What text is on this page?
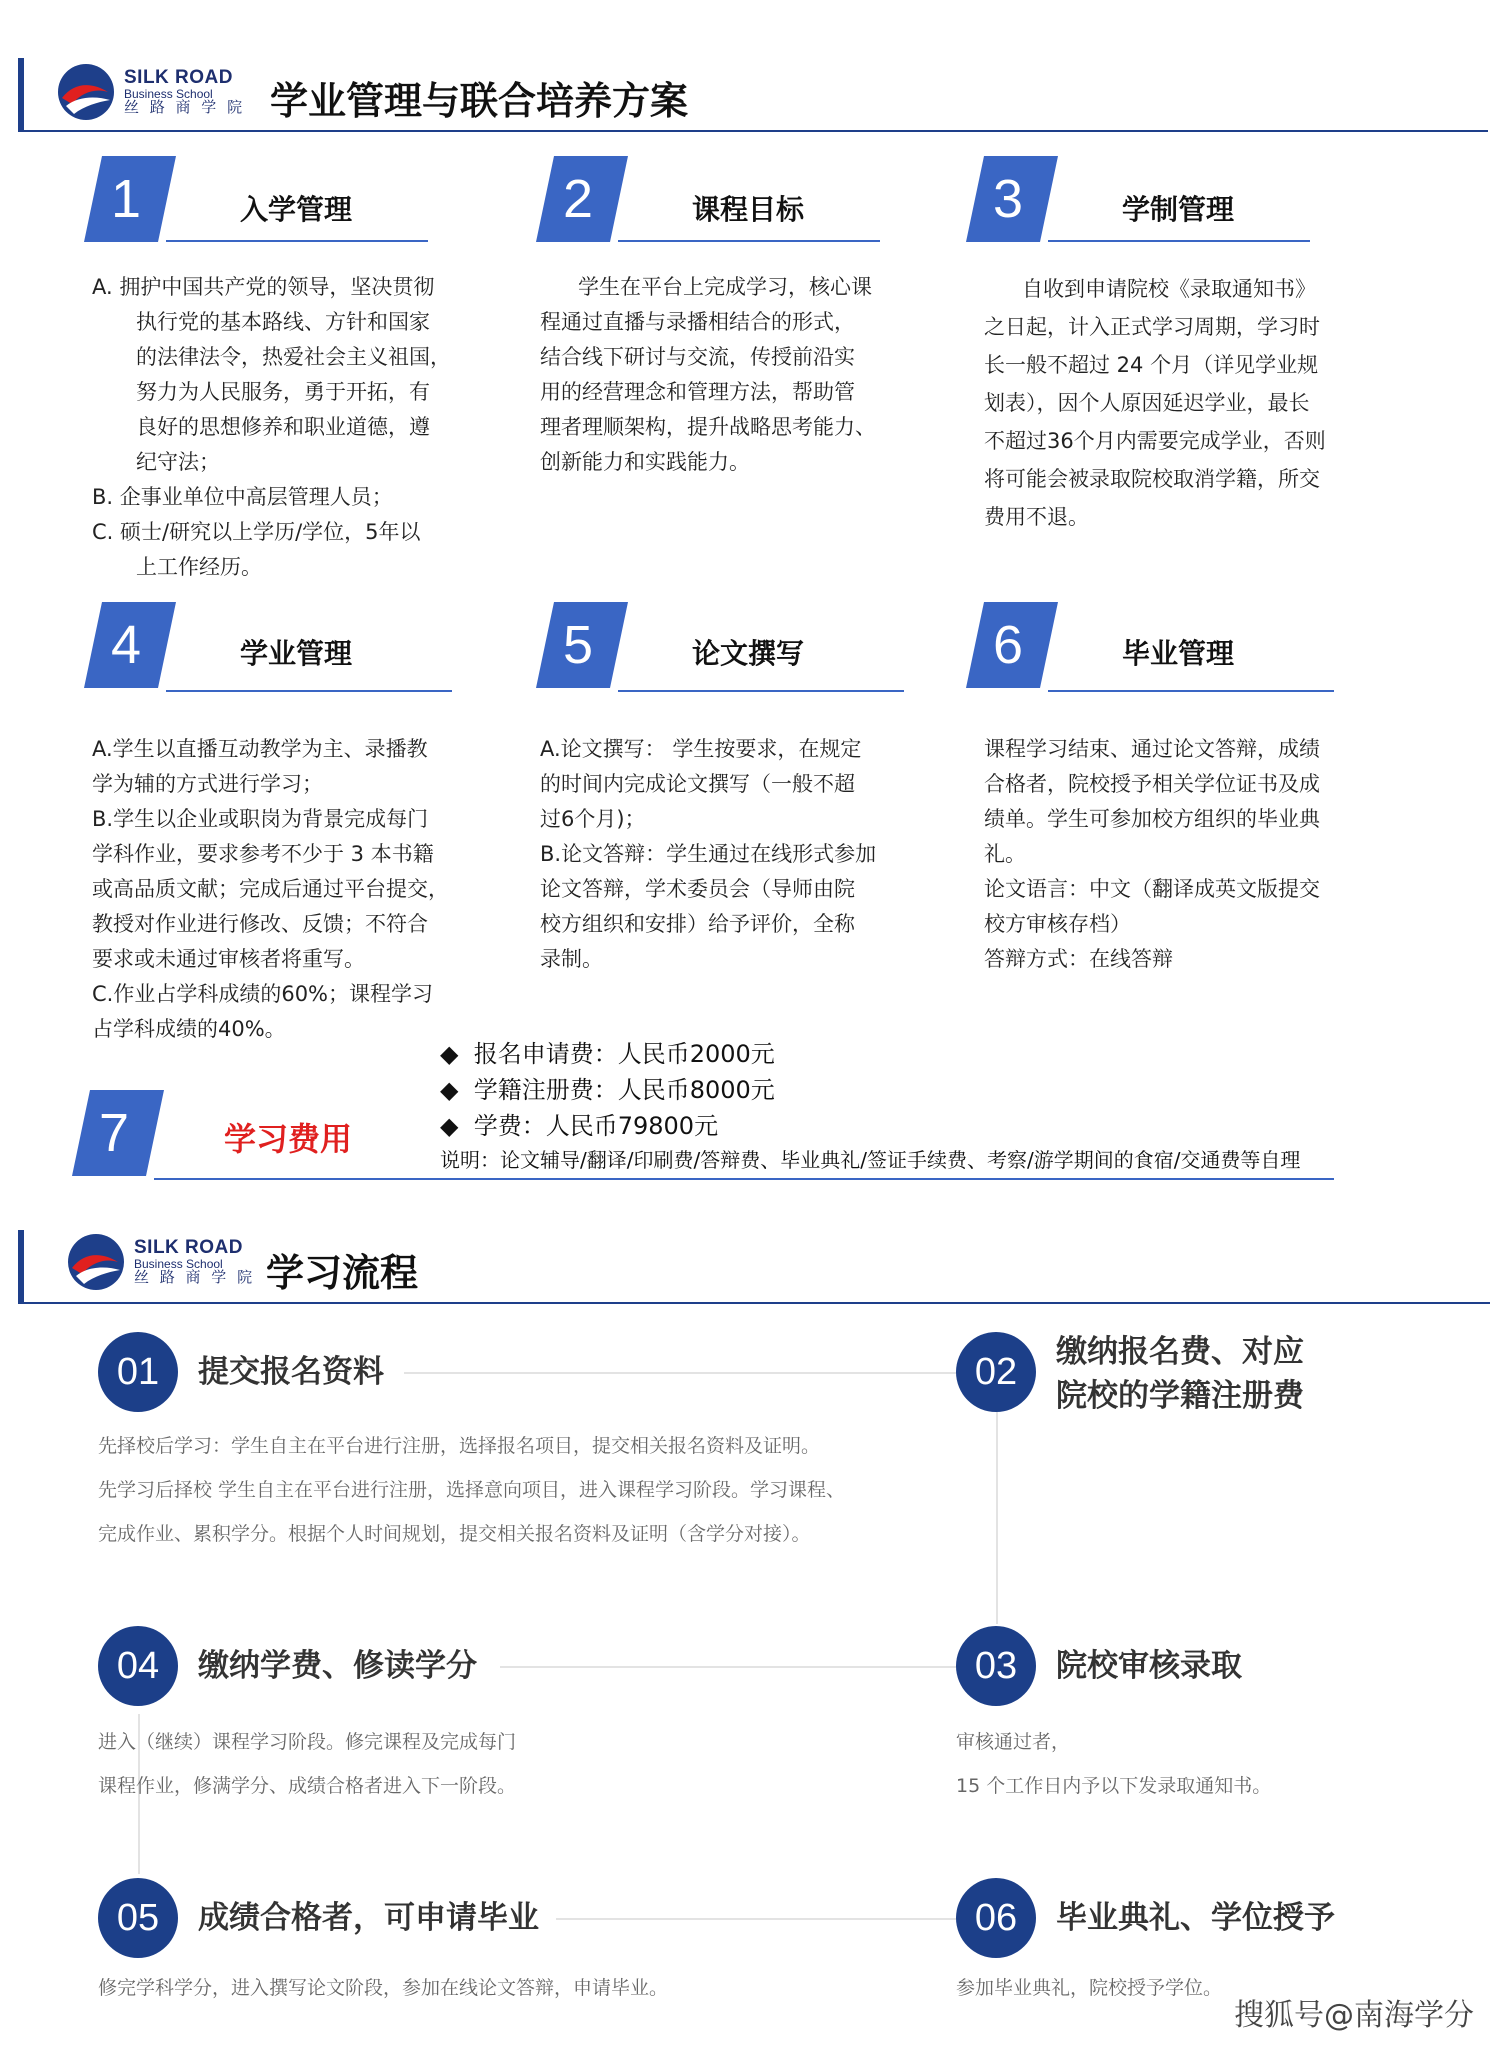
SILK ROAD
Business School
丝 路 商 学 院 学业管理与联合培养方案
1	入学管理
A. 拥护中国共产党的领导，坚决贯彻
执行党的基本路线、方针和国家
的法律法令，热爱社会主义祖国，
努力为人民服务，勇于开拓，有
良好的思想修养和职业道德，遵
纪守法；
B. 企事业单位中高层管理人员；
C. 硕士/研究以上学历/学位，5年以
上工作经历。
2	课程目标
学生在平台上完成学习，核心课
程通过直播与录播相结合的形式，
结合线下研讨与交流，传授前沿实
用的经营理念和管理方法，帮助管
理者理顺架构，提升战略思考能力、
创新能力和实践能力。
3	学制管理
自收到申请院校《录取通知书》
之日起，计入正式学习周期，学习时
长一般不超过 24 个月（详见学业规
划表），因个人原因延迟学业，最长
不超过36个月内需要完成学业，否则
将可能会被录取院校取消学籍，所交
费用不退。
4	学业管理
A.学生以直播互动教学为主、录播教
学为辅的方式进行学习；
B.学生以企业或职岗为背景完成每门
学科作业，要求参考不少于 3 本书籍
或高品质文献；完成后通过平台提交，
教授对作业进行修改、反馈；不符合
要求或未通过审核者将重写。
C.作业占学科成绩的60%；课程学习
占学科成绩的40%。
5	论文撰写
A.论文撰写： 学生按要求，在规定
的时间内完成论文撰写（一般不超
过6个月)；
B.论文答辩：学生通过在线形式参加
论文答辩，学术委员会（导师由院
校方组织和安排）给予评价，全称
录制。
6	毕业管理
课程学习结束、通过论文答辩，成绩
合格者，院校授予相关学位证书及成
绩单。学生可参加校方组织的毕业典
礼。
论文语言：中文（翻译成英文版提交
校方审核存档）
答辩方式：在线答辩
◆ 报名申请费：人民币2000元
◆ 学籍注册费：人民币8000元
◆ 学费：人民币79800元
7	学习费用
说明：论文辅导/翻译/印刷费/答辩费、毕业典礼/签证手续费、考察/游学期间的食宿/交通费等自理
SILK ROAD
Business School
丝 路 商 学 院 学习流程
01	提交报名资料
先择校后学习：学生自主在平台进行注册，选择报名项目，提交相关报名资料及证明。
先学习后择校 学生自主在平台进行注册，选择意向项目，进入课程学习阶段。学习课程、
完成作业、累积学分。根据个人时间规划，提交相关报名资料及证明（含学分对接）。
02	缴纳报名费、对应
院校的学籍注册费
03	院校审核录取
审核通过者，
15 个工作日内予以下发录取通知书。
04	缴纳学费、修读学分
进入（继续）课程学习阶段。修完课程及完成每门
课程作业，修满学分、成绩合格者进入下一阶段。
05	成绩合格者，可申请毕业
修完学科学分，进入撰写论文阶段，参加在线论文答辩，申请毕业。
06	毕业典礼、学位授予
参加毕业典礼，院校授予学位。
搜狐号@南海学分
